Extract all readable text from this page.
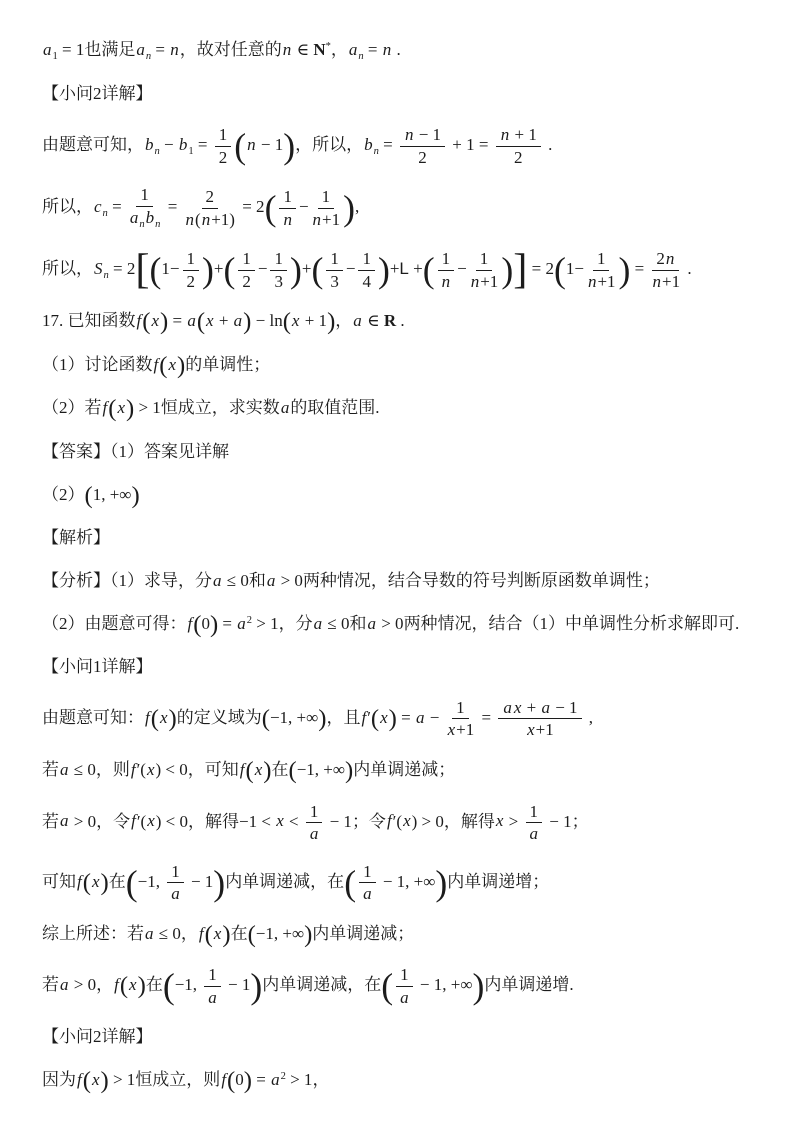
$a_1 = 1$也满足$a_n = n$，故对任意的n ∈ N*，$a_n = n$ .
【小问2详解】
由题意可知，$b_n - b_1 = \frac{1}{2} (n - 1)$，所以，$b_n = \frac{n - 1}{2} + 1 = \frac{n + 1}{2}$ .
所以，$c_n = \frac{1}{a_nb_n} = \frac{2}{n(n+1)} = 2( \frac{1}{n} - \frac{1}{n+1}$ ),
所以，$S_n = 2[(1- \frac{1}{2}$ )+( $\frac{1}{2} - \frac{1}{3}$ )+( $\frac{1}{3} - \frac{1}{4} )+L$ +( $\frac{1}{n} - \frac{1}{n+1}$ )] = $2(1- \frac{1}{n+1}$ ) = $\frac{2n}{n+1}$ .
17. 已知函数f(x) = a(x + a) − ln(x + 1)，a ∈ R .
（1）讨论函数f(x)的单调性；
（2）若f(x) > 1恒成立，求实数a的取值范围.
【答案】（1）答案见详解
（2）(1, +∞)
【解析】
【分析】（1）求导，分a ≤ 0和a > 0两种情况，结合导数的符号判断原函数单调性；
（2）由题意可得：$f(0) = a^2 > 1$，分a ≤ 0和a > 0两种情况，结合（1）中单调性分析求解即可.
【小问1详解】
由题意可知：f(x)的定义域为(−1, +∞)，且$f'(x) = a - \frac{1}{x+1} = \frac{\text{a x + a − 1}}{x+1}$ ,
若a ≤ 0，则f′(x) < 0，可知f(x)在(−1, +∞)内单调递减；
若a > 0，令f′(x) < 0，解得$-1 < x < \frac{1}{a} - 1$；令f′(x) > 0，解得$x > \frac{1}{a} - 1$；
可知f(x)在(−1, $\frac{1}{a} - 1$)内单调递减，在( $\frac{1}{a} - 1$, +∞)内单调递增；
综上所述：若a ≤ 0，f(x)在(−1, +∞)内单调递减；
若a > 0，f(x)在(−1, $\frac{1}{a} - 1$)内单调递减，在( $\frac{1}{a} - 1$, +∞)内单调递增.
【小问2详解】
因为f(x) > 1恒成立，则$f(0) = a^2 > 1$，
